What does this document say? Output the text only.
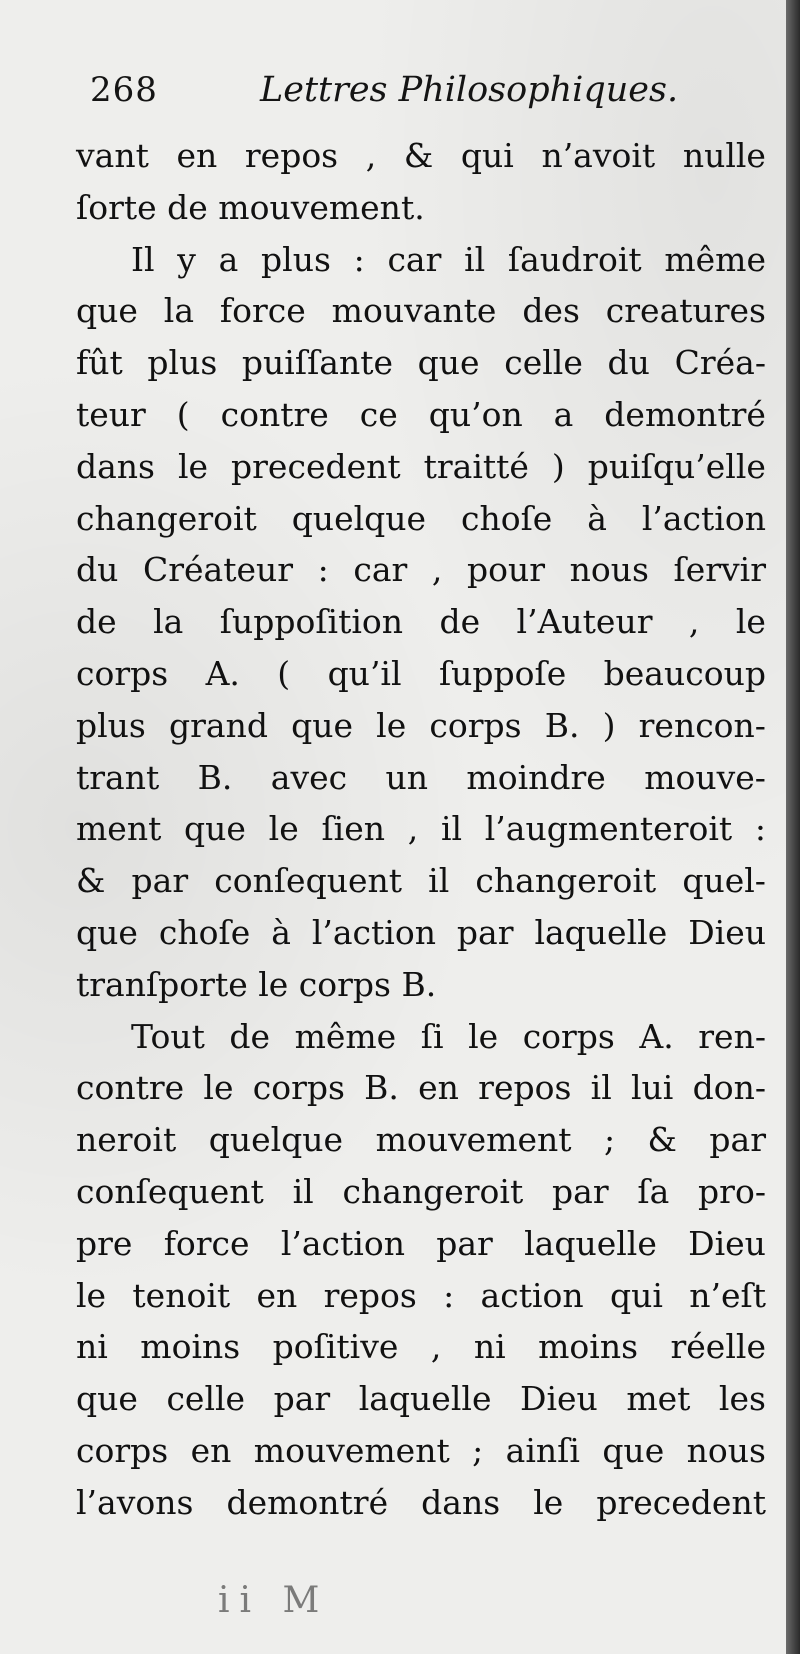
268	Lettres Philosophiques.
vant en repos , & qui n’avoit nulle
ſorte de mouvement.
Il y a plus : car il ſaudroit même
que la force mouvante des creatures
fût plus puiſſante que celle du Créa-
teur ( contre ce qu’on a demontré
dans le precedent traitté ) puiſqu’elle
changeroit quelque choſe à l’action
du Créateur : car , pour nous ſervir
de la ſuppoſition de l’Auteur , le
corps A. ( qu’il ſuppoſe beaucoup
plus grand que le corps B. ) rencon-
trant B. avec un moindre mouve-
ment que le ſien , il l’augmenteroit :
& par conſequent il changeroit quel-
que choſe à l’action par laquelle Dieu
tranſporte le corps B.
Tout de même ſi le corps A. ren-
contre le corps B. en repos il lui don-
neroit quelque mouvement ; & par
conſequent il changeroit par ſa pro-
pre force l’action par laquelle Dieu
le tenoit en repos : action qui n’eſt
ni moins poſitive , ni moins réelle
que celle par laquelle Dieu met les
corps en mouvement ; ainſi que nous
l’avons demontré dans le precedent
ii M
